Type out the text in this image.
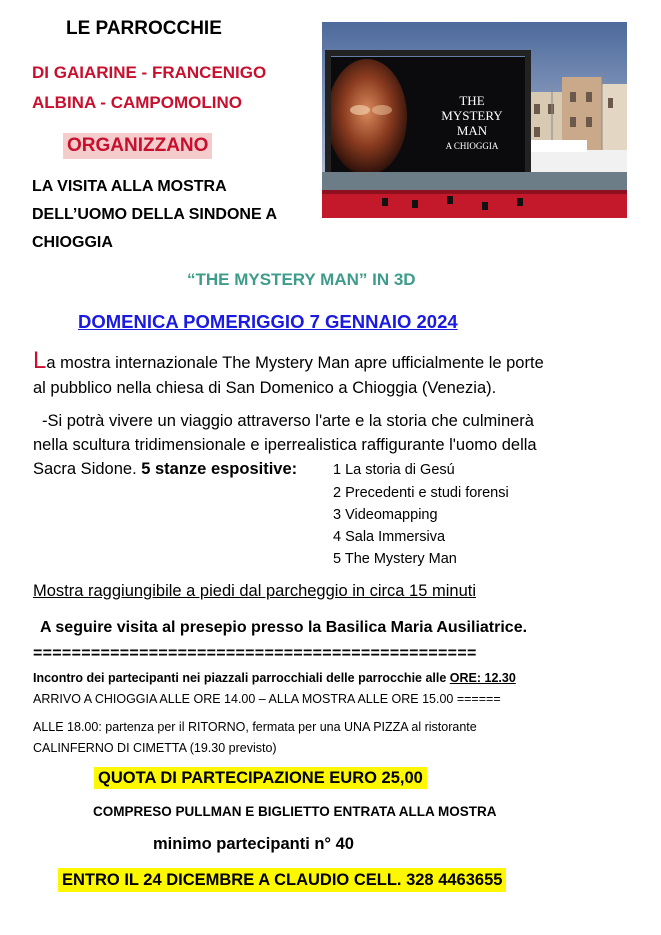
LE PARROCCHIE
DI GAIARINE - FRANCENIGO
ALBINA - CAMPOMOLINO
ORGANIZZANO
LA VISITA ALLA MOSTRA
DELL’UOMO DELLA SINDONE A
CHIOGGIA
THE
MYSTERY
MAN
A CHIOGGIA
“THE MYSTERY MAN” IN 3D
DOMENICA POMERIGGIO 7 GENNAIO 2024
La mostra internazionale The Mystery Man apre ufficialmente le porte
al pubblico nella chiesa di San Domenico a Chioggia (Venezia).
-Si potrà vivere un viaggio attraverso l'arte e la storia che culminerà
nella scultura tridimensionale e iperrealistica raffigurante l'uomo della
Sacra Sidone. 5 stanze espositive: 1 La storia di Gesú
2 Precedenti e studi forensi
3 Videomapping
4 Sala Immersiva
5 The Mystery Man
Mostra raggiungibile a piedi dal parcheggio in circa 15 minuti
A seguire visita al presepio presso la Basilica Maria Ausiliatrice.
==============================================
Incontro dei partecipanti nei piazzali parrocchiali delle parrocchie alle ORE: 12.30
ARRIVO A CHIOGGIA ALLE ORE 14.00 – ALLA MOSTRA ALLE ORE 15.00 ======
ALLE 18.00: partenza per il RITORNO, fermata per una UNA PIZZA al ristorante
CALINFERNO DI CIMETTA (19.30 previsto)
QUOTA DI PARTECIPAZIONE EURO 25,00
COMPRESO PULLMAN E BIGLIETTO ENTRATA ALLA MOSTRA
minimo partecipanti n° 40
ENTRO IL 24 DICEMBRE A CLAUDIO CELL. 328 4463655
